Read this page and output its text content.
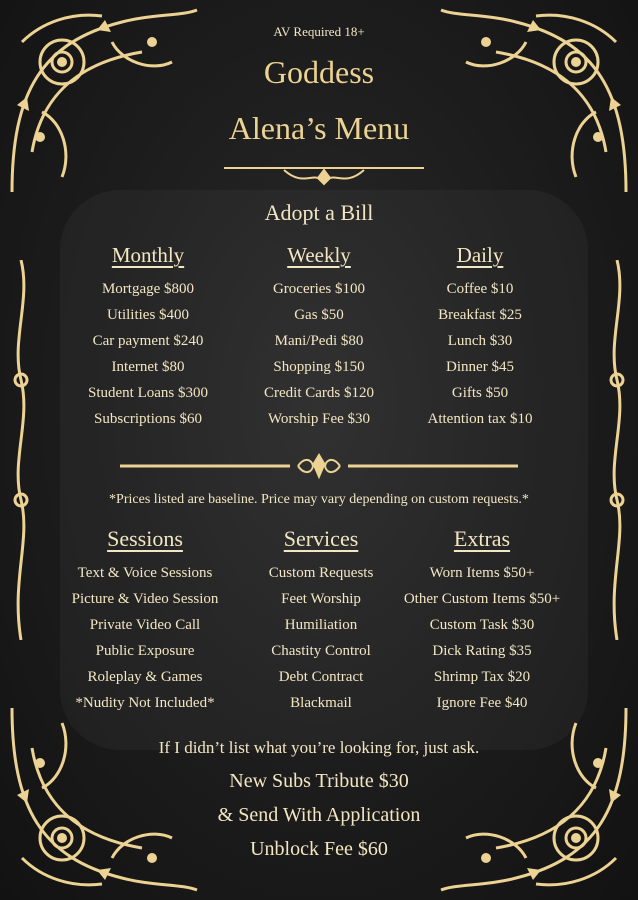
AV Required 18+
Goddess
Alena’s Menu
Adopt a Bill
Monthly
Mortgage $800
Utilities $400
Car payment $240
Internet $80
Student Loans $300
Subscriptions $60
Weekly
Groceries $100
Gas $50
Mani/Pedi $80
Shopping $150
Credit Cards $120
Worship Fee $30
Daily
Coffee $10
Breakfast $25
Lunch $30
Dinner $45
Gifts $50
Attention tax $10
*Prices listed are baseline. Price may vary depending on custom requests.*
Sessions
Text & Voice Sessions
Picture & Video Session
Private Video Call
Public Exposure
Roleplay & Games
*Nudity Not Included*
Services
Custom Requests
Feet Worship
Humiliation
Chastity Control
Debt Contract
Blackmail
Extras
Worn Items $50+
Other Custom Items $50+
Custom Task $30
Dick Rating $35
Shrimp Tax $20
Ignore Fee $40
If I didn’t list what you’re looking for, just ask.
New Subs Tribute $30
& Send With Application
Unblock Fee $60
